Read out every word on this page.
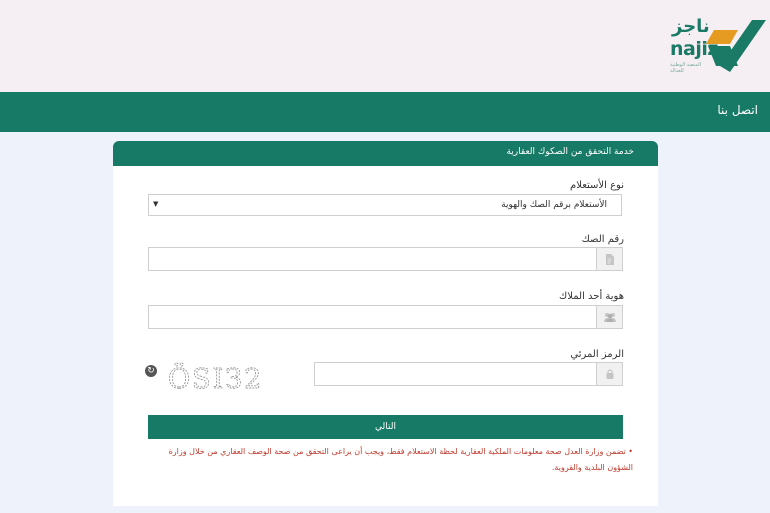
ناجز
najiz
المنصة الوطنية للعدالة
اتصل بنا
خدمة التحقق من الصكوك العقارية
نوع الأستعلام
الأستعلام برقم الصك والهوية
▼
رقم الصك
هوية أحد الملاك
الرمز المرئي
↻ ÖSIЗ2
التالي
• تضمن وزارة العدل صحة معلومات الملكية العقارية لحظة الاستعلام فقط، ويجب أن يراعى التحقق من صحة الوصف العقاري من خلال وزارة الشؤون البلدية والقروية.
